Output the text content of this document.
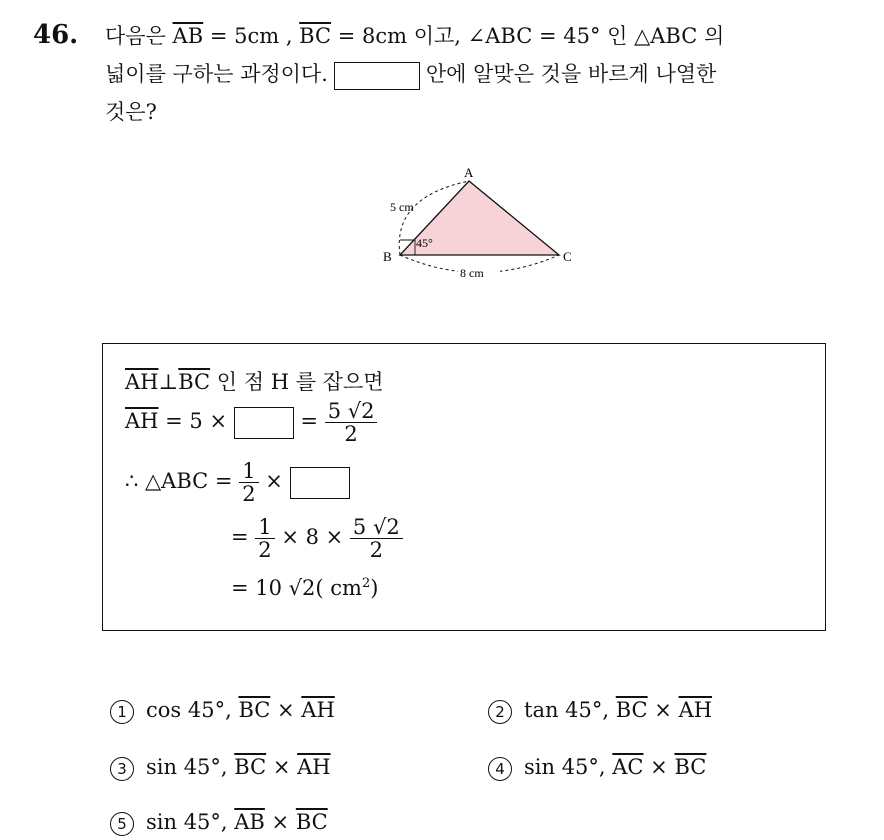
46. 다음은 $\overline{AB} = 5cm$ , $\overline{BC} = 8cm$ 이고, ∠ABC = 45° 인 △ABC 의
넓이를 구하는 과정이다.	안에 알맞은 것을 바르게 나열한
것은?
A
B	C
5 cm
8 cm
45°
$\overline{AH}\perp\overline{BC}$ 인 점 H 를 잡으면
$\overline{AH} = 5$ ×	= $\frac{5 √2}{2}$
∴ △ABC = $\frac{1}{2}$ ×
= $\frac{1}{2} \times 8 \times \frac{5 √2}{2}$
= 10 √2( $cm^2$)
1 cos 45°, $\overline{BC} \times \overline{AH}$	2 tan 45°, $\overline{BC} \times \overline{AH}$
3 sin 45°, $\overline{BC} \times \overline{AH}$	4 sin 45°, $\overline{AC} \times \overline{BC}$
5 sin 45°, $\overline{AB} \times \overline{BC}$
